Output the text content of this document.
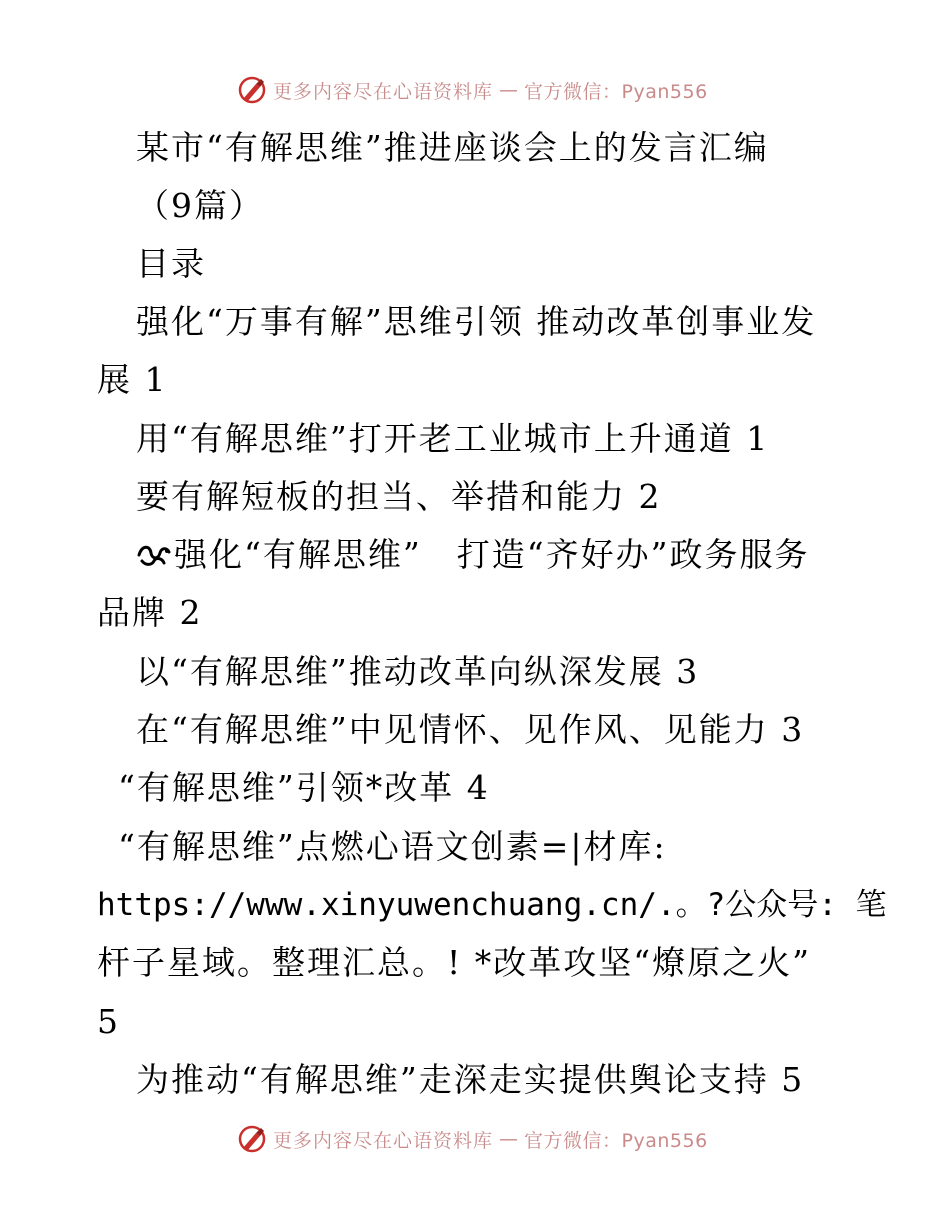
更多内容尽在心语资料库 — 官方微信：Pyan556
某市“有解思维”推进座谈会上的发言汇编
（9篇）
目录
强化“万事有解”思维引领 推动改革创事业发
展 1
用“有解思维”打开老工业城市上升通道 1
要有解短板的担当、举措和能力 2
强化“有解思维”　打造“齐好办”政务服务
品牌 2
以“有解思维”推动改革向纵深发展 3
在“有解思维”中见情怀、见作风、见能力 3
“有解思维”引领*改革 4
“有解思维”点燃心语文创素=|材库:
https://www.xinyuwenchuang.cn/.。?公众号: 笔
杆子星域。整理汇总。! *改革攻坚“燎原之火”
5
为推动“有解思维”走深走实提供舆论支持 5
更多内容尽在心语资料库 — 官方微信：Pyan556
